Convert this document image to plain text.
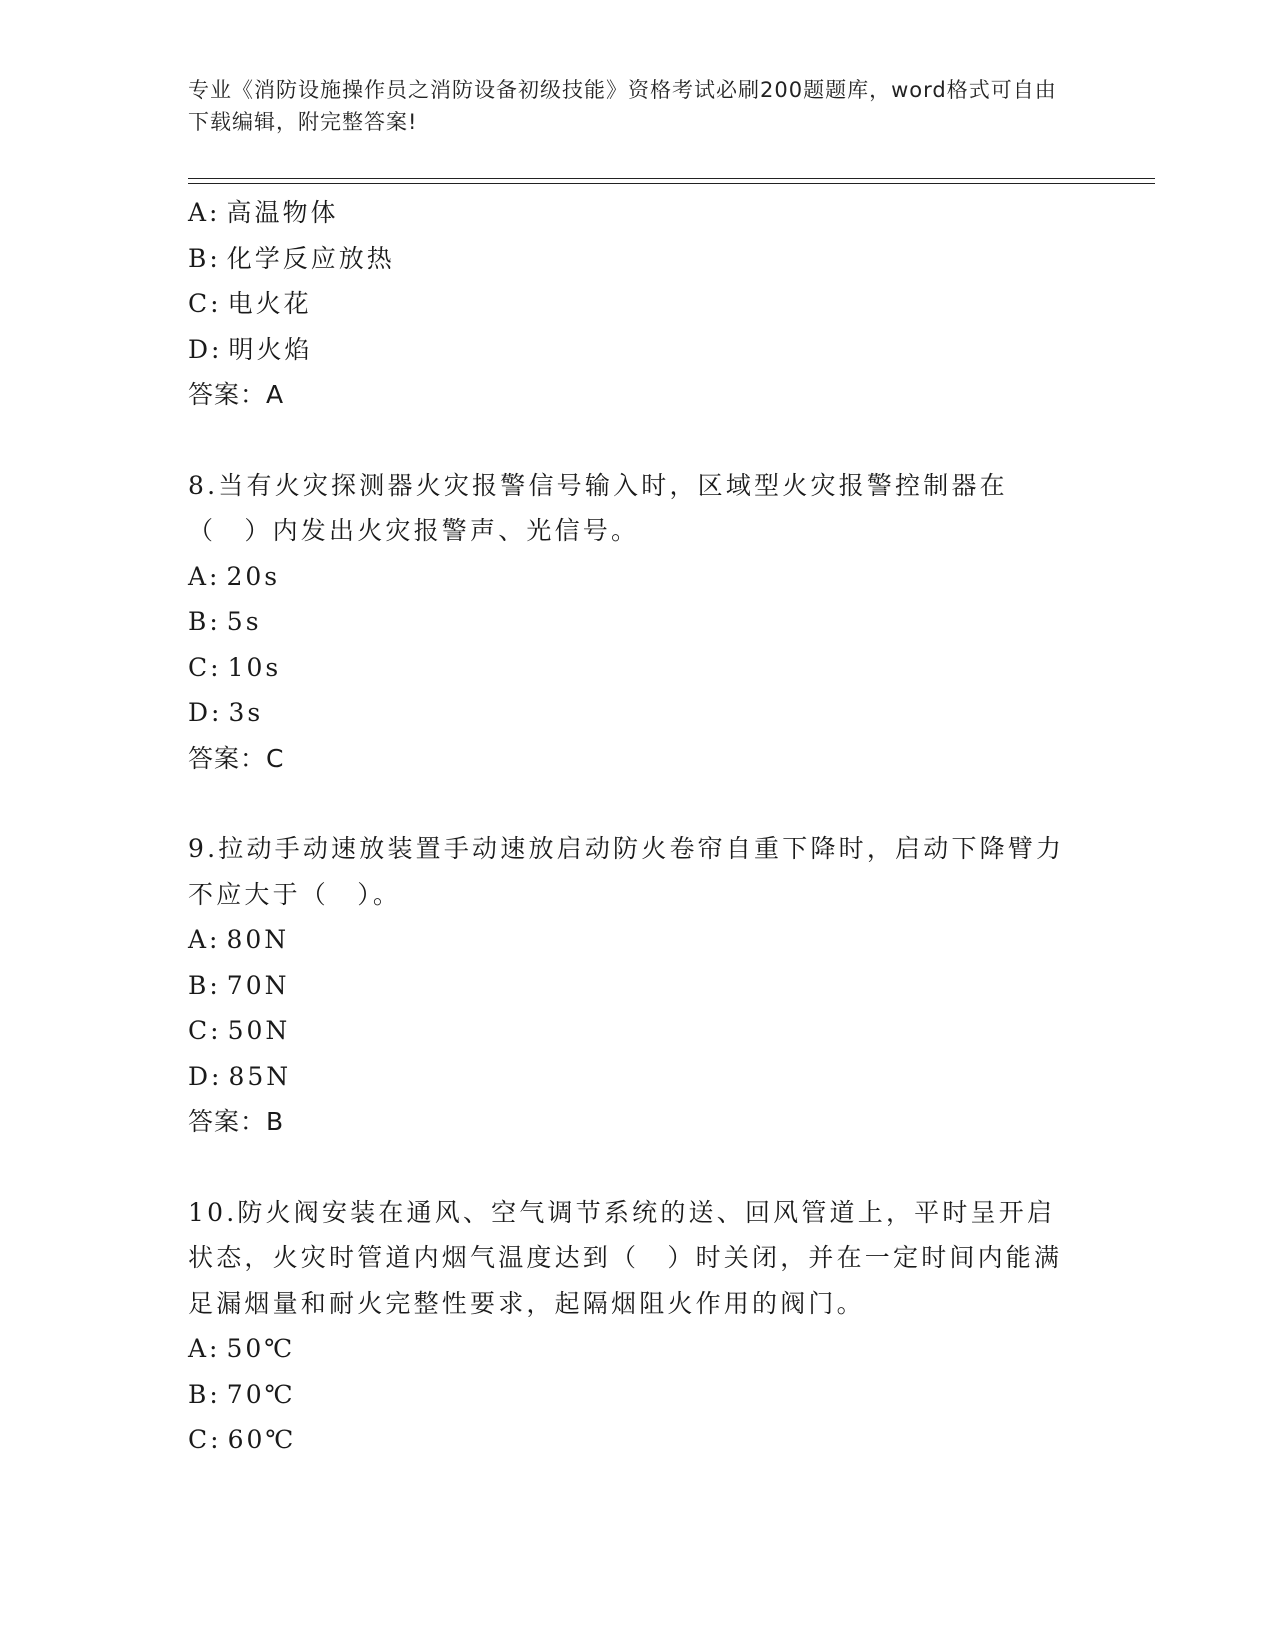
专业《消防设施操作员之消防设备初级技能》资格考试必刷200题题库，word格式可自由下载编辑，附完整答案!
A: 高温物体
B: 化学反应放热
C: 电火花
D: 明火焰
答案：A
8.当有火灾探测器火灾报警信号输入时，区域型火灾报警控制器在（　）内发出火灾报警声、光信号。
A: 20s
B: 5s
C: 10s
D: 3s
答案：C
9.拉动手动速放装置手动速放启动防火卷帘自重下降时，启动下降臂力不应大于（　）。
A: 80N
B: 70N
C: 50N
D: 85N
答案：B
10.防火阀安装在通风、空气调节系统的送、回风管道上，平时呈开启状态，火灾时管道内烟气温度达到（　）时关闭，并在一定时间内能满足漏烟量和耐火完整性要求，起隔烟阻火作用的阀门。
A: 50℃
B: 70℃
C: 60℃
